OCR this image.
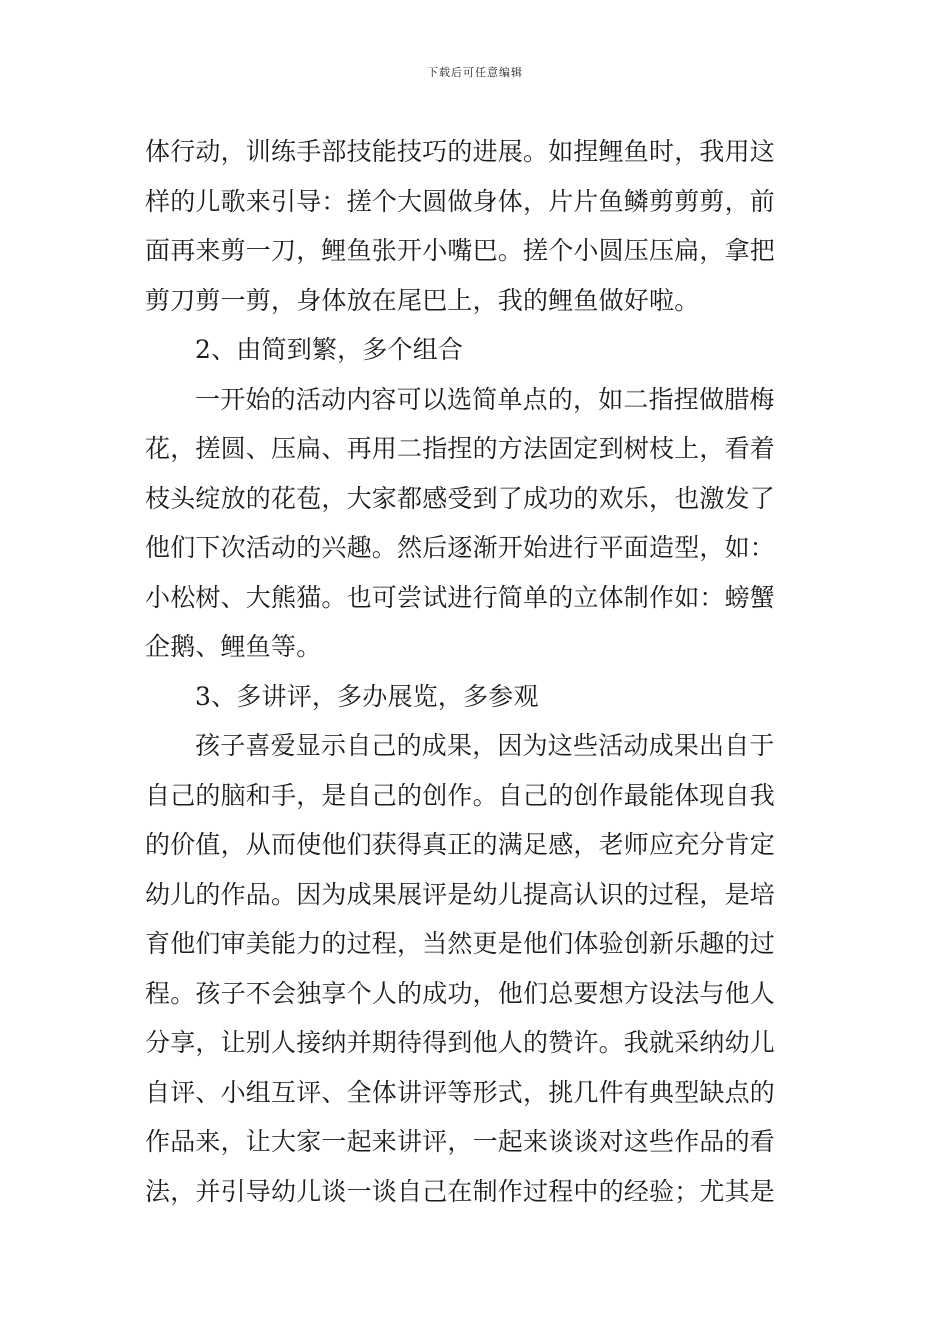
下载后可任意编辑
体行动，训练手部技能技巧的进展。如捏鲤鱼时，我用这
样的儿歌来引导：搓个大圆做身体，片片鱼鳞剪剪剪，前
面再来剪一刀，鲤鱼张开小嘴巴。搓个小圆压压扁，拿把
剪刀剪一剪，身体放在尾巴上，我的鲤鱼做好啦。
2、由简到繁，多个组合
一开始的活动内容可以选简单点的，如二指捏做腊梅
花，搓圆、压扁、再用二指捏的方法固定到树枝上，看着
枝头绽放的花苞，大家都感受到了成功的欢乐，也激发了
他们下次活动的兴趣。然后逐渐开始进行平面造型，如：
小松树、大熊猫。也可尝试进行简单的立体制作如：螃蟹
企鹅、鲤鱼等。
3、多讲评，多办展览，多参观
孩子喜爱显示自己的成果，因为这些活动成果出自于
自己的脑和手，是自己的创作。自己的创作最能体现自我
的价值，从而使他们获得真正的满足感，老师应充分肯定
幼儿的作品。因为成果展评是幼儿提高认识的过程，是培
育他们审美能力的过程，当然更是他们体验创新乐趣的过
程。孩子不会独享个人的成功，他们总要想方设法与他人
分享，让别人接纳并期待得到他人的赞许。我就采纳幼儿
自评、小组互评、全体讲评等形式，挑几件有典型缺点的
作品来，让大家一起来讲评，一起来谈谈对这些作品的看
法，并引导幼儿谈一谈自己在制作过程中的经验；尤其是
